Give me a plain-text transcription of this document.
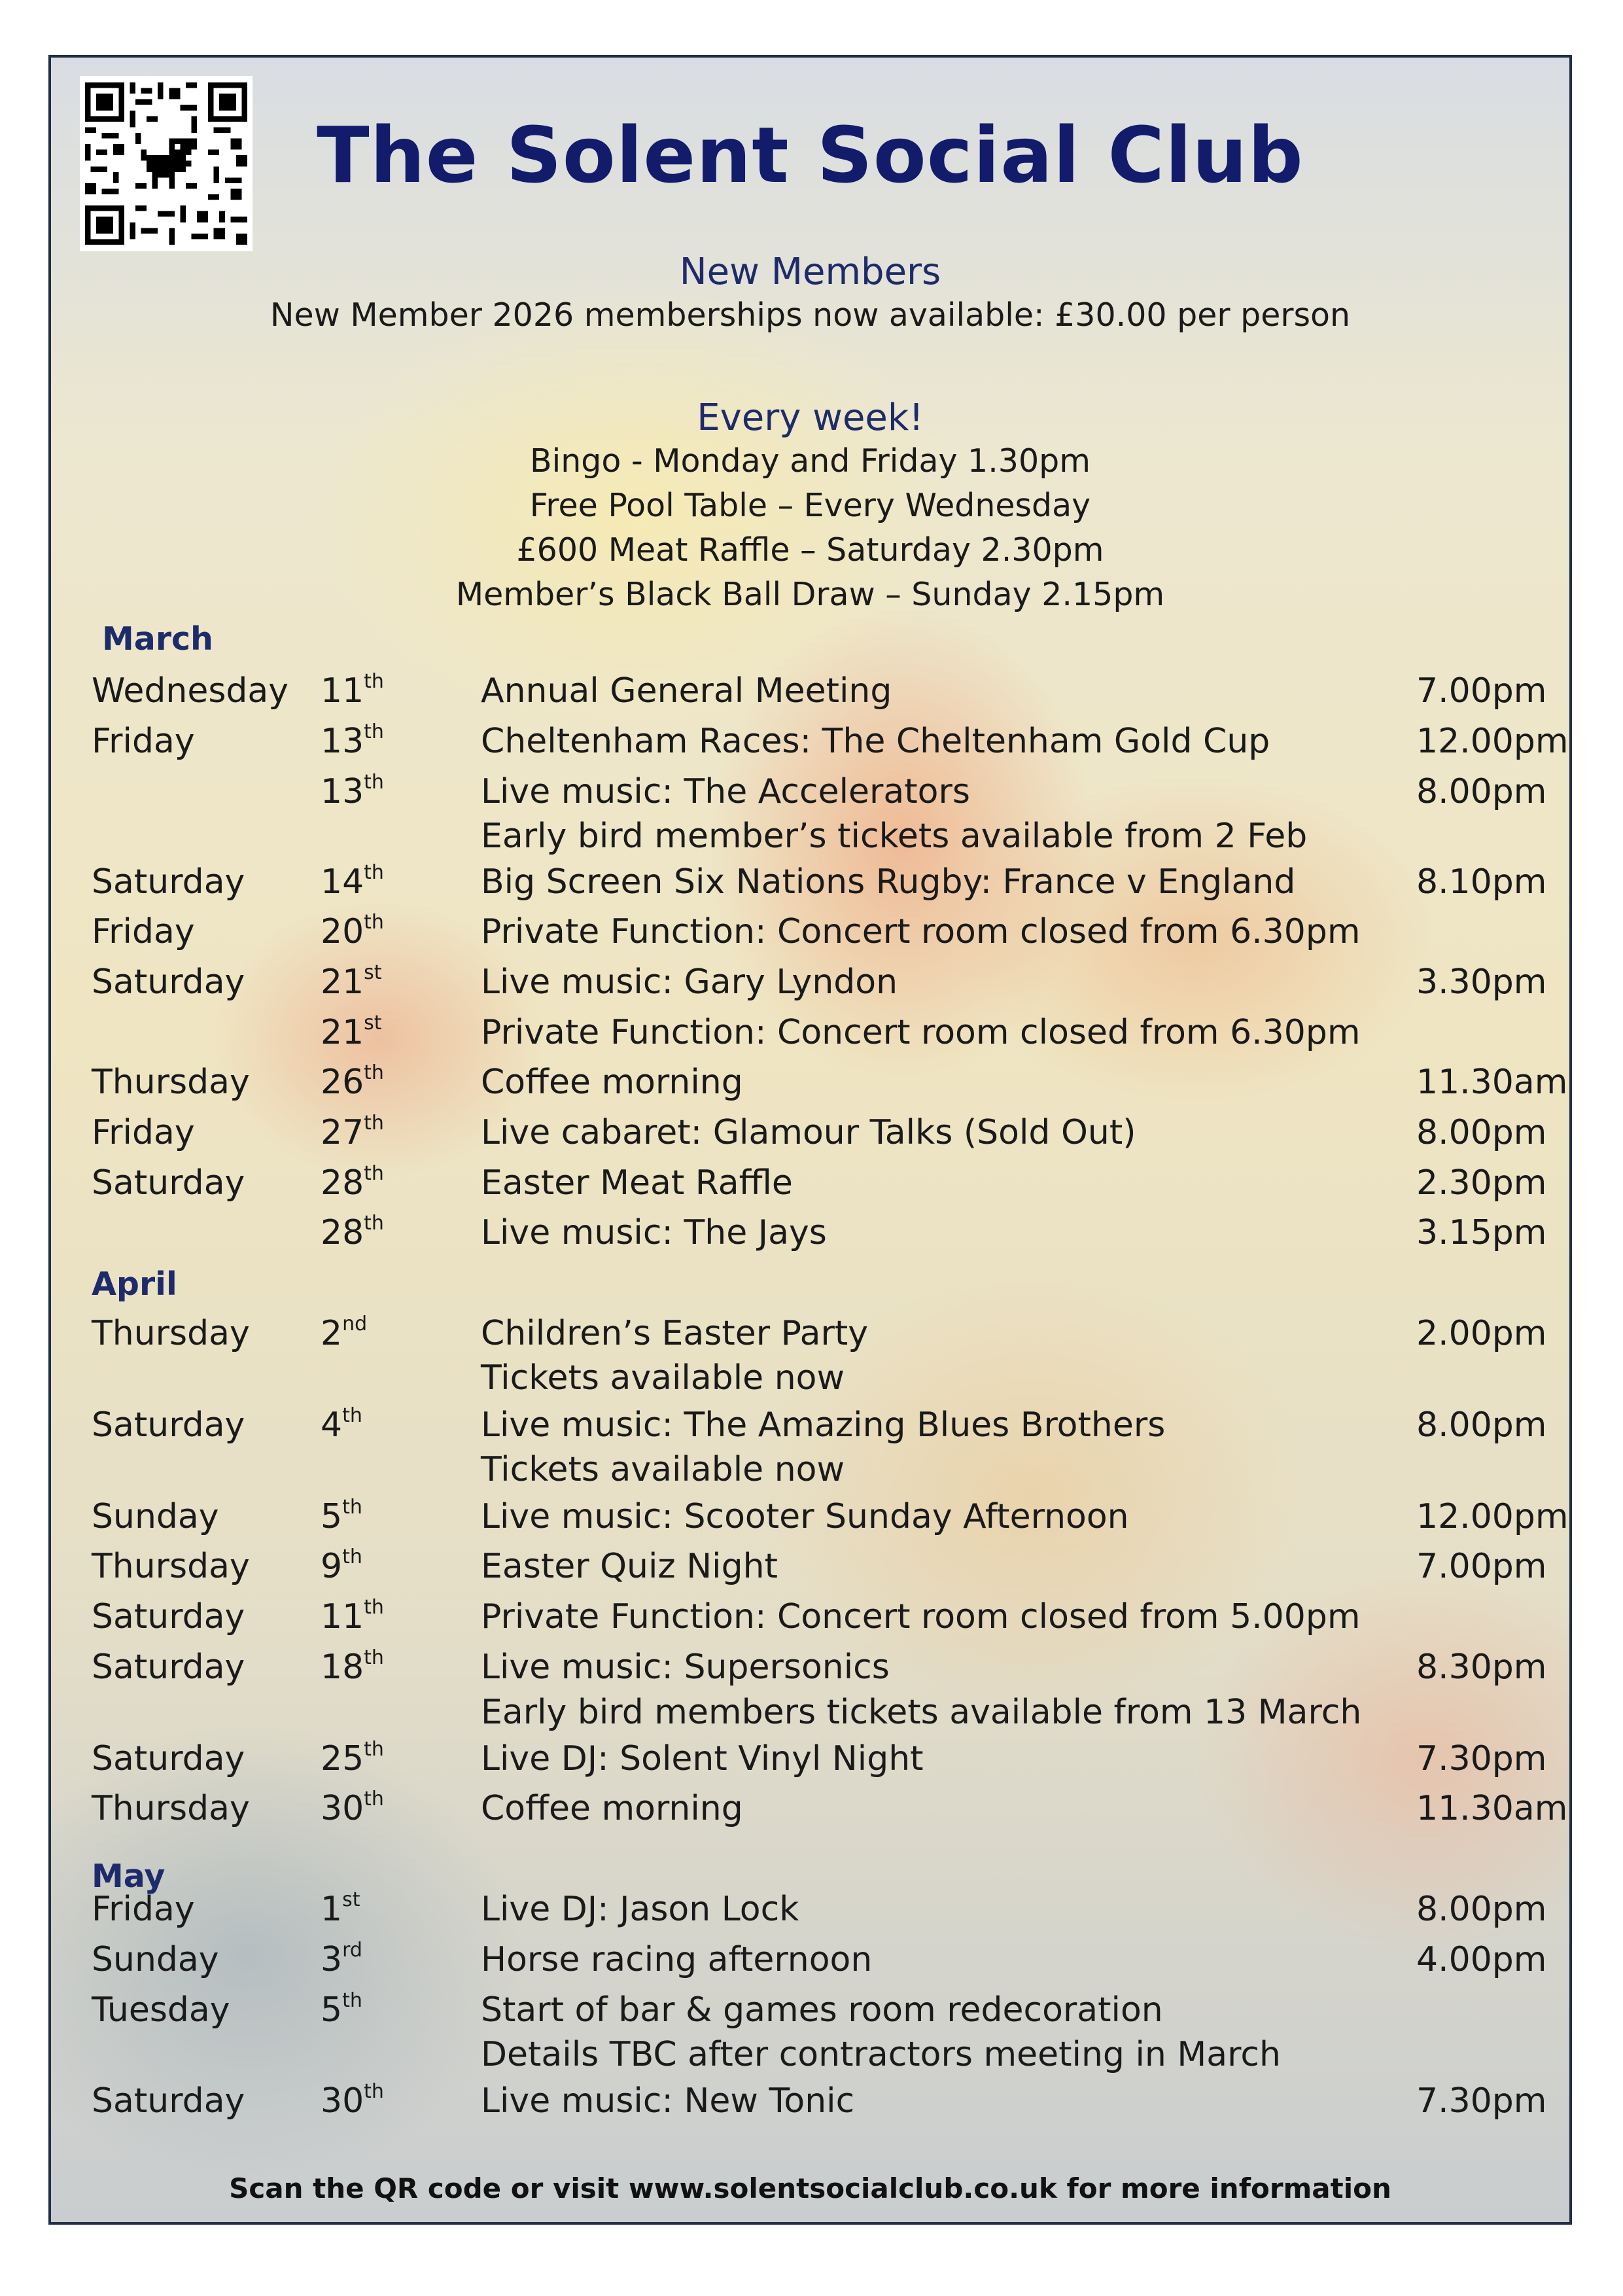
The Solent Social Club
New Members
New Member 2026 memberships now available: £30.00 per person
Every week!
Bingo - Monday and Friday 1.30pm
Free Pool Table – Every Wednesday
£600 Meat Raffle – Saturday 2.30pm
Member’s Black Ball Draw – Sunday 2.15pm
March
April
May
Wednesday 11th	Annual General Meeting	7.00pm
Friday	13th	Cheltenham Races: The Cheltenham Gold Cup	12.00pm
13th	Live music: The Accelerators	8.00pm
Early bird member’s tickets available from 2 Feb
Saturday 14th	Big Screen Six Nations Rugby: France v England	8.10pm
Friday	20th	Private Function: Concert room closed from 6.30pm
Saturday 21st	Live music: Gary Lyndon	3.30pm
21st	Private Function: Concert room closed from 6.30pm
Thursday 26th	Coffee morning	11.30am
Friday	27th	Live cabaret: Glamour Talks (Sold Out)	8.00pm
Saturday 28th	Easter Meat Raffle	2.30pm
28th	Live music: The Jays	3.15pm
Thursday 2nd	Children’s Easter Party	2.00pm
Tickets available now
Saturday 4th	Live music: The Amazing Blues Brothers	8.00pm
Tickets available now
Sunday	5th	Live music: Scooter Sunday Afternoon	12.00pm
Thursday 9th	Easter Quiz Night	7.00pm
Saturday 11th	Private Function: Concert room closed from 5.00pm
Saturday 18th	Live music: Supersonics	8.30pm
Early bird members tickets available from 13 March
Saturday 25th	Live DJ: Solent Vinyl Night	7.30pm
Thursday 30th	Coffee morning	11.30am
Friday	1st	Live DJ: Jason Lock	8.00pm
Sunday	3rd	Horse racing afternoon	4.00pm
Tuesday	5th	Start of bar & games room redecoration
Details TBC after contractors meeting in March
Saturday 30th	Live music: New Tonic	7.30pm
Scan the QR code or visit www.solentsocialclub.co.uk for more information
